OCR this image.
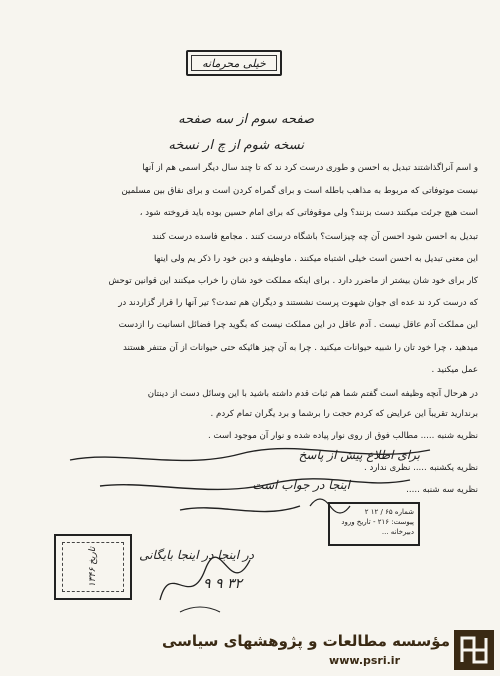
خیلی محرمانه
صفحه سوم از سه صفحه
نسخه شوم از چ ار نسخه
و اسم آنراگذاشتند تبدیل به احسن و طوری درست کرد ند که تا چند سال دیگر اسمی هم از آنها
نیست موتوفاتی که مربوط به مذاهب باطله است و برای گمراه کردن است و برای نفاق بین مسلمین
است هیچ جرئت میکنند دست بزنند؟ ولی موقوفاتی که برای امام حسین بوده باید فروخته شود ،
تبدیل به احسن شود احسن آن چه چیزاست؟ باشگاه درست کنند . مجامع فاسده درست کنند
این معنی تبدیل به احسن است خیلی اشتباه میکنند . ماوظیفه و دین خود را ذکر یم ولی اینها
کار برای خود شان بیشتر از ماضرر دارد . برای اینکه مملکت خود شان را خراب میکنند این قوانین توحش
که درست کرد ند عده ای جوان شهوت پرست نشستند و دیگران هم تمدت؟ تیر آنها را قرار گزاردند در
این مملکت آدم عاقل نیست . آدم عاقل در این مملکت نیست که بگوید چرا فضائل انسانیت را ازدست
میدهید ، چرا خود تان را شبیه حیوانات میکنید . چرا به آن چیز هائیکه حتی حیوانات از آن متنفر هستند
عمل میکنید .
در هرحال آنچه وظیفه است گفتم شما هم ثبات قدم داشته باشید با این وسائل دست از دینتان
برندارید تقریباً این عرایض که کردم حجت را برشما و برد یگران تمام کردم .
نظریه شنبه ..... مطالب فوق از روی نوار پیاده شده و نوار آن موجود است .
نظریه یکشنبه ..... نظری ندارد .
نظریه سه شنبه .....
برای اطلاع پیش از پاسخ
اینجا در جواب است
شماره ۶۵ / ۱۲ ۲
پیوست: ۲۱۶ - تاریخ ورود
دبیرخانه ...
تاریخ ۱۳۴۶	در اینجا در اینجا بایگانی
۳۲ ۹ ۹
مؤسسه مطالعات و پژوهشهای سیاسی
www.psri.ir
